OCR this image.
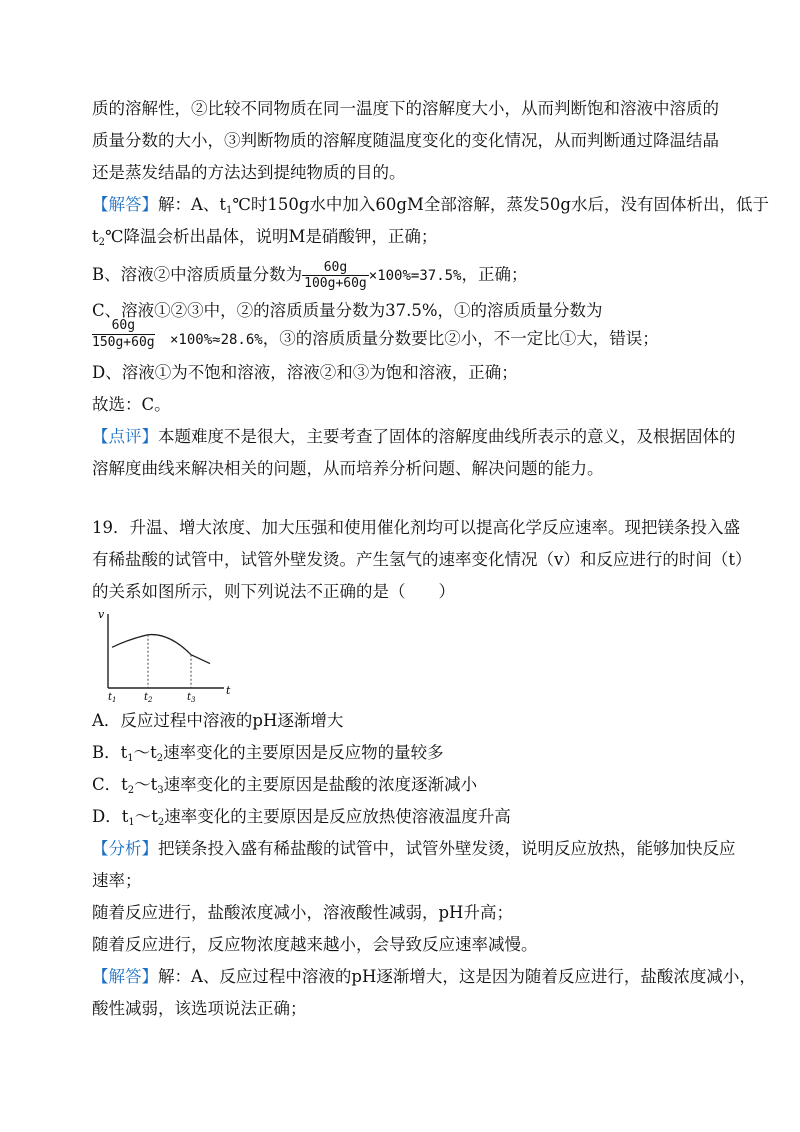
质的溶解性，②比较不同物质在同一温度下的溶解度大小，从而判断饱和溶液中溶质的
质量分数的大小，③判断物质的溶解度随温度变化的变化情况，从而判断通过降温结晶
还是蒸发结晶的方法达到提纯物质的目的。
【解答】解：A、$t_1℃$时150g水中加入60gM全部溶解，蒸发50g水后，没有固体析出，低于
$t_2℃$降温会析出晶体，说明M是硝酸钾，正确；
B、溶液②中溶质质量分数为 $\frac{60g}{100g+60g} \times 100\%=37.5\%$，正确；
C、溶液①②③中，②的溶质质量分数为37.5%，①的溶质质量分数为
$\frac{60g}{150g+60g} \times 100\%\approx 28.6\%$，③的溶质质量分数要比②小，不一定比①大，错误；
D、溶液①为不饱和溶液，溶液②和③为饱和溶液，正确；
故选：C。
【点评】本题难度不是很大，主要考查了固体的溶解度曲线所表示的意义，及根据固体的
溶解度曲线来解决相关的问题，从而培养分析问题、解决问题的能力。
19．升温、增大浓度、加大压强和使用催化剂均可以提高化学反应速率。现把镁条投入盛
有稀盐酸的试管中，试管外壁发烫。产生氢气的速率变化情况（v）和反应进行的时间（t）
的关系如图所示，则下列说法不正确的是（　　）
v
t
$t_1$	$t_2$	$t_3$
A．反应过程中溶液的pH逐渐增大
B．$t_1\sim t_2$速率变化的主要原因是反应物的量较多
C．$t_2\sim t_3$速率变化的主要原因是盐酸的浓度逐渐减小
D．$t_1\sim t_2$速率变化的主要原因是反应放热使溶液温度升高
【分析】把镁条投入盛有稀盐酸的试管中，试管外壁发烫，说明反应放热，能够加快反应
速率；
随着反应进行，盐酸浓度减小，溶液酸性减弱，pH升高；
随着反应进行，反应物浓度越来越小，会导致反应速率减慢。
【解答】解：A、反应过程中溶液的pH逐渐增大，这是因为随着反应进行，盐酸浓度减小，
酸性减弱，该选项说法正确；
